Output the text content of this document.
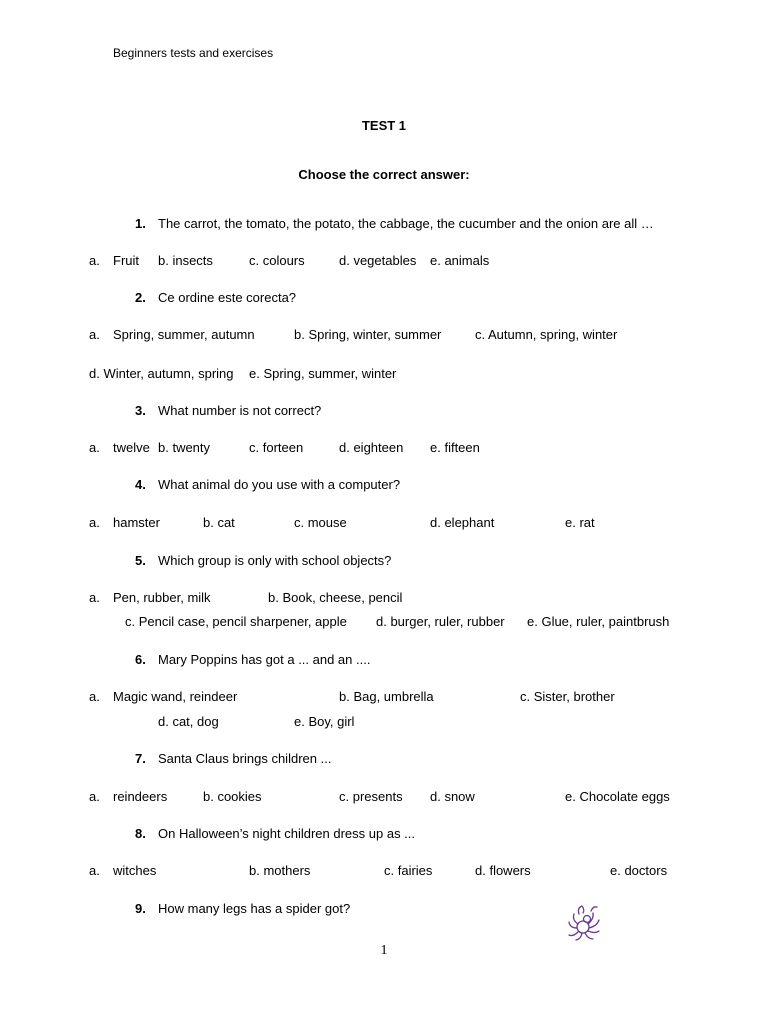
Beginners tests and exercises
TEST 1
Choose the correct answer:
1. The carrot, the tomato, the potato, the cabbage, the cucumber and the onion are all …
a. Fruit b. insects	c. colours	d. vegetables e. animals
2. Ce ordine este corecta?
a. Spring, summer, autumn	b. Spring, winter, summer	c. Autumn, spring, winter
d. Winter, autumn, spring e. Spring, summer, winter
3. What number is not correct?
a. twelve b. twenty	c. forteen	d. eighteen e. fifteen
4. What animal do you use with a computer?
a. hamster	b. cat	c. mouse	d. elephant	e. rat
5. Which group is only with school objects?
a. Pen, rubber, milk	b. Book, cheese, pencil
c. Pencil case, pencil sharpener, apple d. burger, ruler, rubber e. Glue, ruler, paintbrush
6. Mary Poppins has got a ... and an ....
a. Magic wand, reindeer	b. Bag, umbrella	c. Sister, brother
d. cat, dog	e. Boy, girl
7. Santa Claus brings children ...
a. reindeers	b. cookies	c. presents d. snow	e. Chocolate eggs
8. On Halloween’s night children dress up as ...
a. witches	b. mothers	c. fairies	d. flowers	e. doctors
9. How many legs has a spider got?
1
